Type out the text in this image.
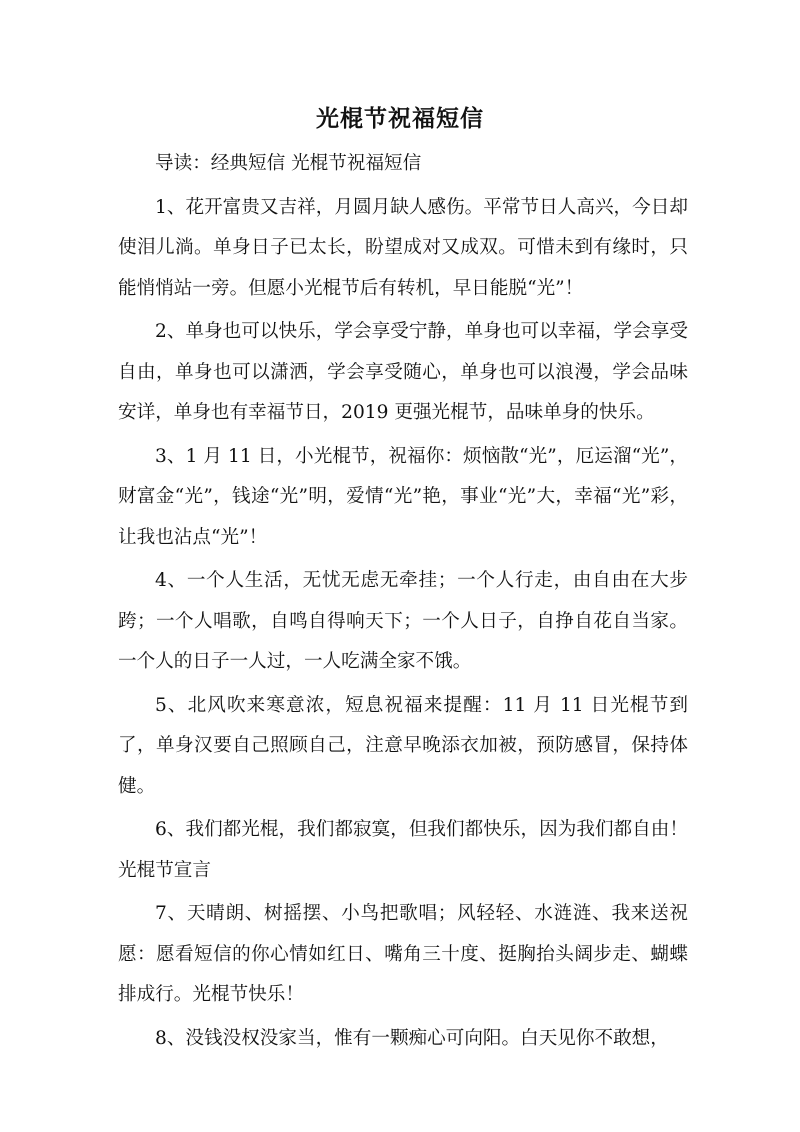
光棍节祝福短信

导读：经典短信 光棍节祝福短信

1、花开富贵又吉祥，月圆月缺人感伤。平常节日人高兴，今日却使泪儿淌。单身日子已太长，盼望成对又成双。可惜未到有缘时，只能悄悄站一旁。但愿小光棍节后有转机，早日能脱“光”！

2、单身也可以快乐，学会享受宁静，单身也可以幸福，学会享受自由，单身也可以潇洒，学会享受随心，单身也可以浪漫，学会品味安详，单身也有幸福节日，2019 更强光棍节，品味单身的快乐。

3、1 月 11 日，小光棍节，祝福你：烦恼散“光”，厄运溜“光”，财富金“光”，钱途“光”明，爱情“光”艳，事业“光”大，幸福“光”彩，让我也沾点“光”！

4、一个人生活，无忧无虑无牵挂；一个人行走，由自由在大步跨；一个人唱歌，自鸣自得响天下；一个人日子，自挣自花自当家。一个人的日子一人过，一人吃满全家不饿。

5、北风吹来寒意浓，短息祝福来提醒：11 月 11 日光棍节到了，单身汉要自己照顾自己，注意早晚添衣加被，预防感冒，保持体健。

6、我们都光棍，我们都寂寞，但我们都快乐，因为我们都自由！光棍节宣言

7、天晴朗、树摇摆、小鸟把歌唱；风轻轻、水涟涟、我来送祝愿：愿看短信的你心情如红日、嘴角三十度、挺胸抬头阔步走、蝴蝶排成行。光棍节快乐！

8、没钱没权没家当，惟有一颗痴心可向阳。白天见你不敢想，
